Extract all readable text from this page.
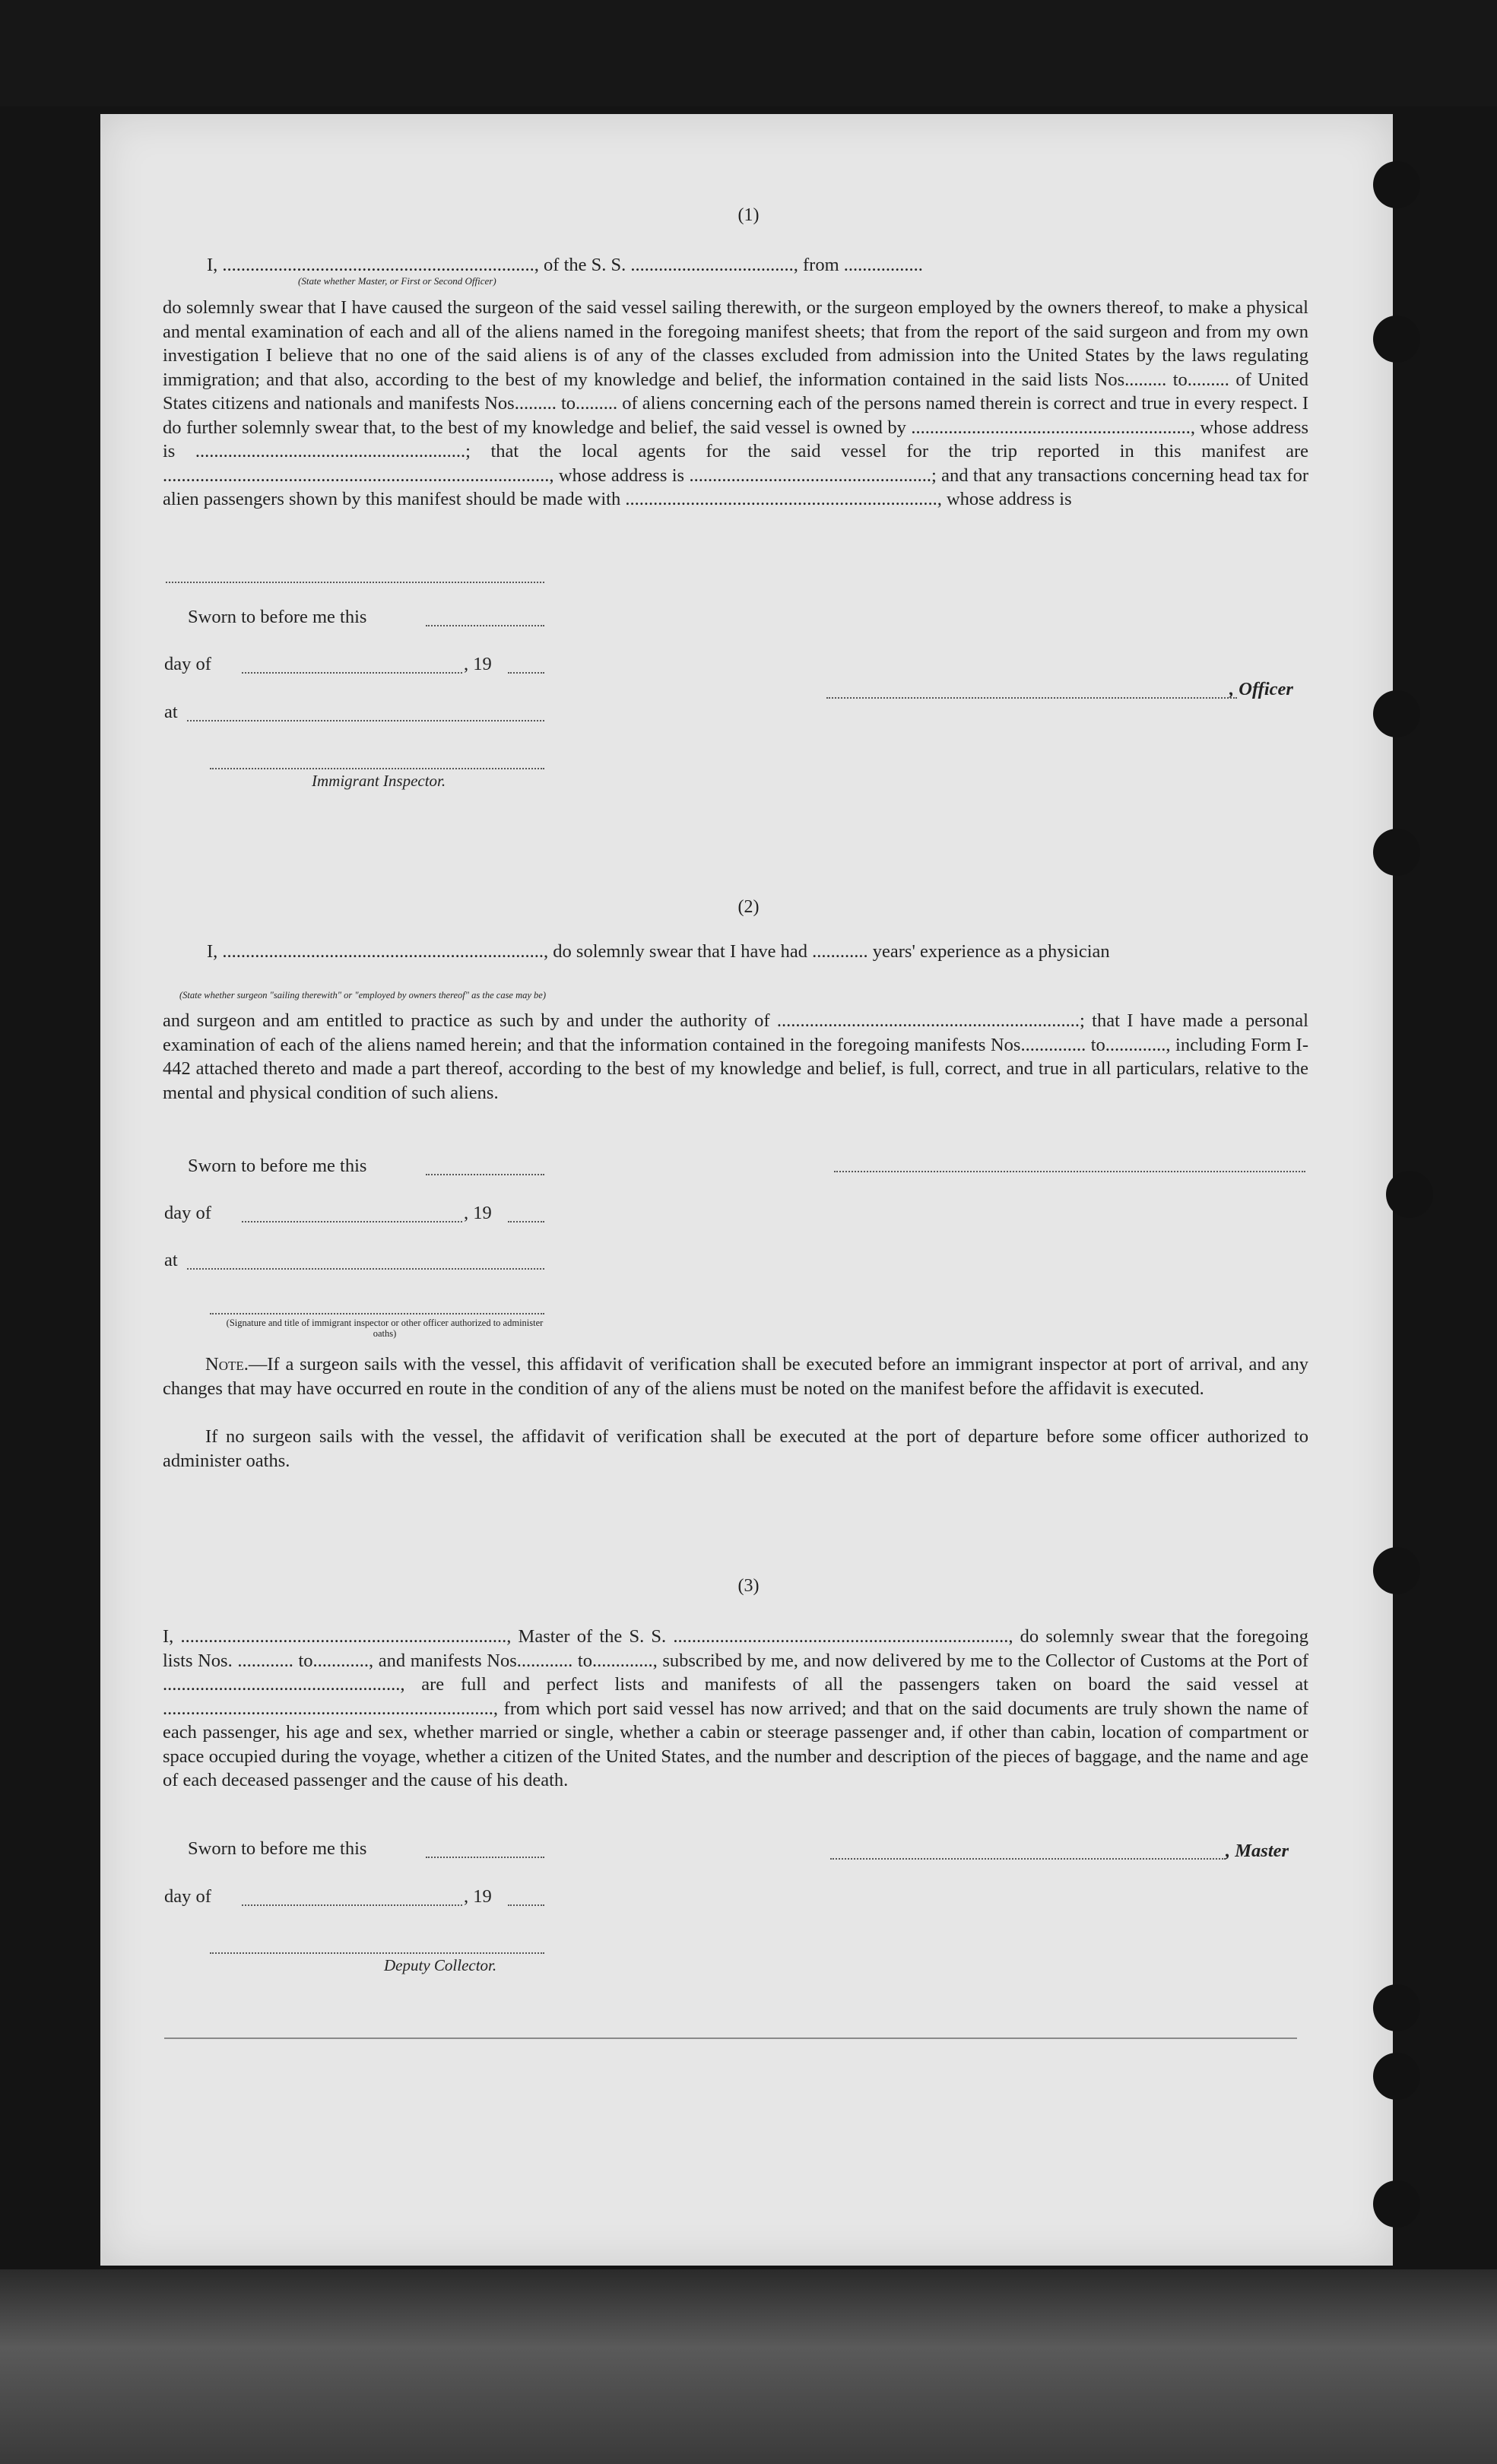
(1)
I, ..................................................................., of the S. S. ..................................., from .................
(State whether Master, or First or Second Officer)

do solemnly swear that I have caused the surgeon of the said vessel sailing therewith, or the surgeon employed by the owners thereof, to make a physical and mental examination of each and all of the aliens named in the foregoing manifest sheets; that from the report of the said surgeon and from my own investigation I believe that no one of the said aliens is of any of the classes excluded from admission into the United States by the laws regulating immigration; and that also, according to the best of my knowledge and belief, the information contained in the said lists Nos......... to......... of United States citizens and nationals and manifests Nos......... to......... of aliens concerning each of the persons named therein is correct and true in every respect. I do further solemnly swear that, to the best of my knowledge and belief, the said vessel is owned by ............................................................, whose address is ..........................................................; that the local agents for the said vessel for the trip reported in this manifest are ..................................................................................., whose address is ....................................................; and that any transactions concerning head tax for alien passengers shown by this manifest should be made with ..................................................................., whose address is

Sworn to before me this
day of	, 19
, Officer
at
Immigrant Inspector.
(2)
I, ....................................................................., do solemnly swear that I have had ............ years' experience as a physician
(State whether surgeon "sailing therewith" or "employed by owners thereof" as the case may be)

and surgeon and am entitled to practice as such by and under the authority of .................................................................; that I have made a personal examination of each of the aliens named herein; and that the information contained in the foregoing manifests Nos.............. to............., including Form I-442 attached thereto and made a part thereof, according to the best of my knowledge and belief, is full, correct, and true in all particulars, relative to the mental and physical condition of such aliens.

Sworn to before me this
day of	, 19
at
(Signature and title of immigrant inspector or other officer authorized to administer oaths)

Note.—If a surgeon sails with the vessel, this affidavit of verification shall be executed before an immigrant inspector at port of arrival, and any changes that may have occurred en route in the condition of any of the aliens must be noted on the manifest before the affidavit is executed.

If no surgeon sails with the vessel, the affidavit of verification shall be executed at the port of departure before some officer authorized to administer oaths.

(3)

I, ......................................................................, Master of the S. S. ........................................................................, do solemnly swear that the foregoing lists Nos. ............ to............, and manifests Nos............ to............., subscribed by me, and now delivered by me to the Collector of Customs at the Port of ..................................................., are full and perfect lists and manifests of all the passengers taken on board the said vessel at ......................................................................., from which port said vessel has now arrived; and that on the said documents are truly shown the name of each passenger, his age and sex, whether married or single, whether a cabin or steerage passenger and, if other than cabin, location of compartment or space occupied during the voyage, whether a citizen of the United States, and the number and description of the pieces of baggage, and the name and age of each deceased passenger and the cause of his death.

Sworn to before me this	, Master
day of	, 19
Deputy Collector.
